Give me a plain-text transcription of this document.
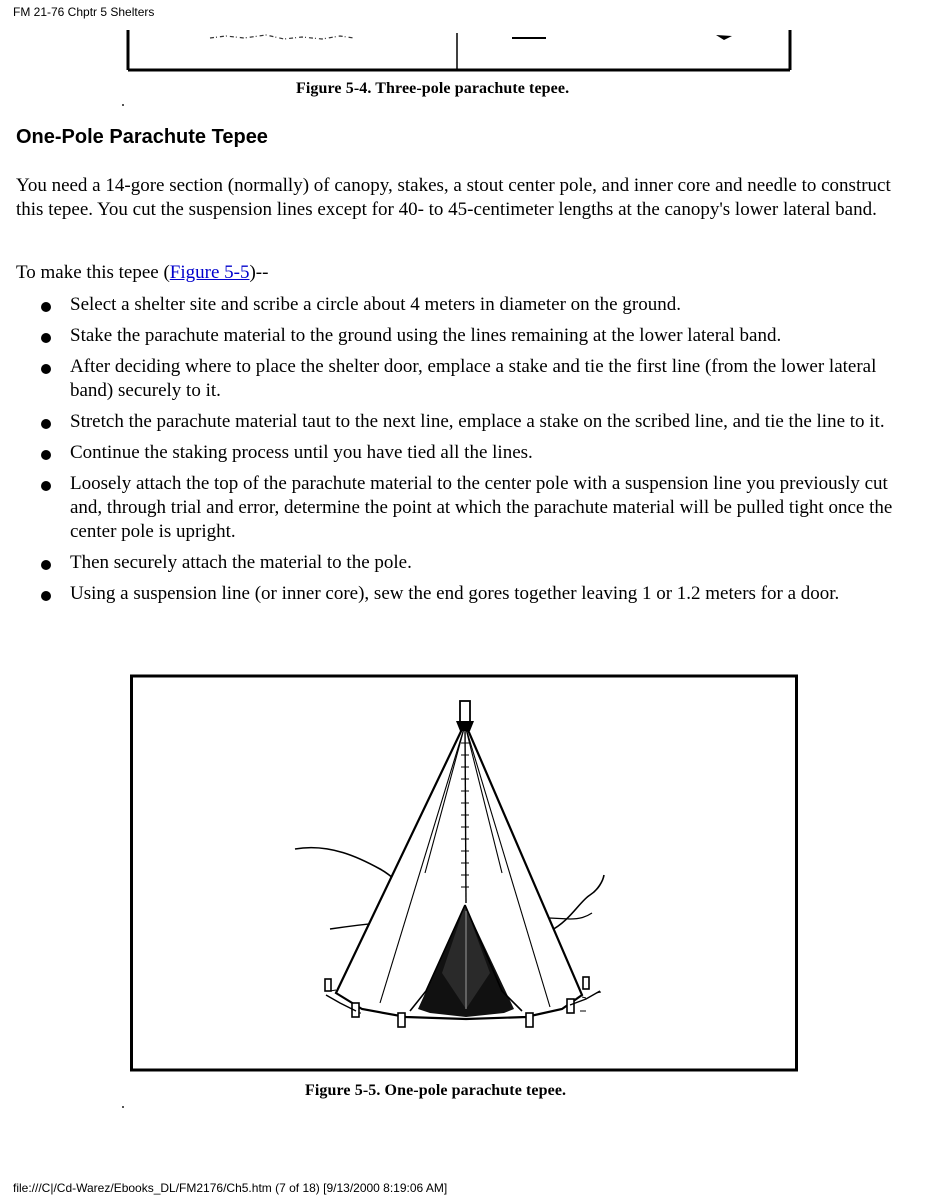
FM 21-76 Chptr 5 Shelters
Figure 5-4. Three-pole parachute tepee.
One-Pole Parachute Tepee
You need a 14-gore section (normally) of canopy, stakes, a stout center pole, and inner core and needle to construct this tepee. You cut the suspension lines except for 40- to 45-centimeter lengths at the canopy's lower lateral band.
To make this tepee (Figure 5-5)--
Select a shelter site and scribe a circle about 4 meters in diameter on the ground.
Stake the parachute material to the ground using the lines remaining at the lower lateral band.
After deciding where to place the shelter door, emplace a stake and tie the first line (from the lower lateral band) securely to it.
Stretch the parachute material taut to the next line, emplace a stake on the scribed line, and tie the line to it.
Continue the staking process until you have tied all the lines.
Loosely attach the top of the parachute material to the center pole with a suspension line you previously cut and, through trial and error, determine the point at which the parachute material will be pulled tight once the center pole is upright.
Then securely attach the material to the pole.
Using a suspension line (or inner core), sew the end gores together leaving 1 or 1.2 meters for a door.
Figure 5-5. One-pole parachute tepee.
file:///C|/Cd-Warez/Ebooks_DL/FM2176/Ch5.htm (7 of 18) [9/13/2000 8:19:06 AM]
